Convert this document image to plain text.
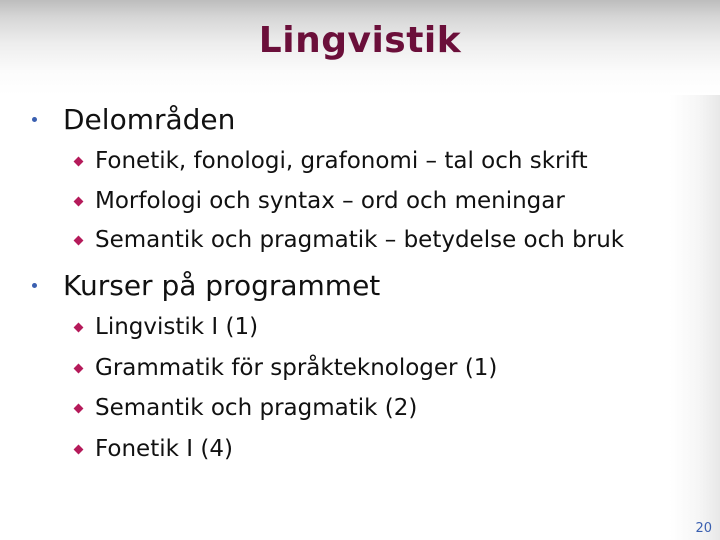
Lingvistik
Delområden
Fonetik, fonologi, grafonomi – tal och skrift
Morfologi och syntax – ord och meningar
Semantik och pragmatik – betydelse och bruk
Kurser på programmet
Lingvistik I (1)
Grammatik för språkteknologer (1)
Semantik och pragmatik (2)
Fonetik I (4)
20
